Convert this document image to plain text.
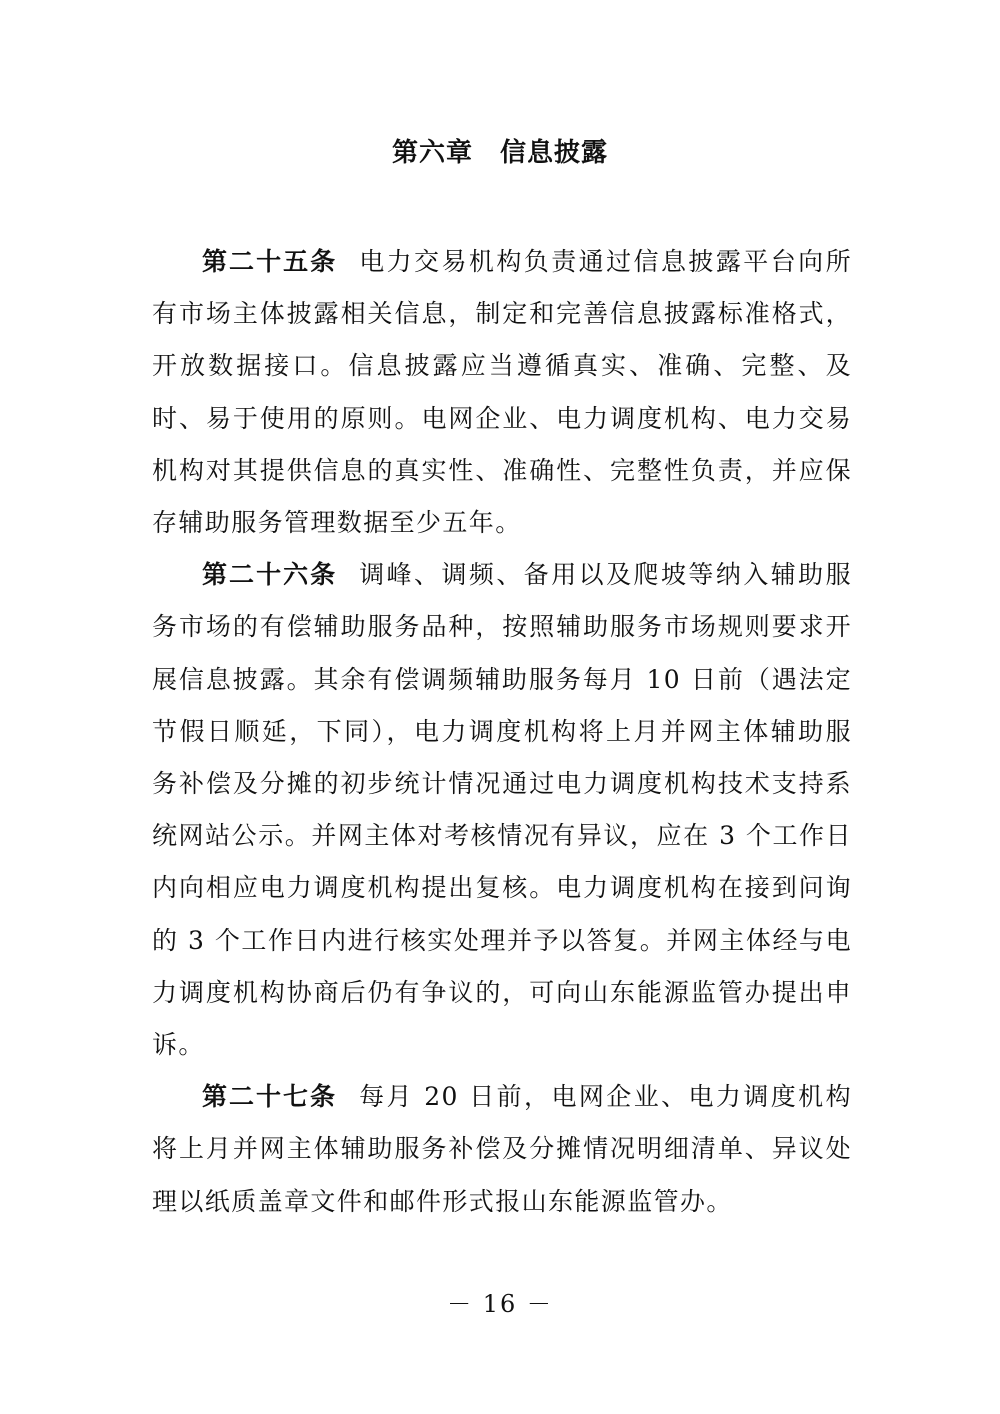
第六章　信息披露

第二十五条 电力交易机构负责通过信息披露平台向所有市场主体披露相关信息，制定和完善信息披露标准格式，开放数据接口。信息披露应当遵循真实、准确、完整、及时、易于使用的原则。电网企业、电力调度机构、电力交易机构对其提供信息的真实性、准确性、完整性负责，并应保存辅助服务管理数据至少五年。

第二十六条 调峰、调频、备用以及爬坡等纳入辅助服务市场的有偿辅助服务品种，按照辅助服务市场规则要求开展信息披露。其余有偿调频辅助服务每月 10 日前（遇法定节假日顺延，下同），电力调度机构将上月并网主体辅助服务补偿及分摊的初步统计情况通过电力调度机构技术支持系统网站公示。并网主体对考核情况有异议，应在 3 个工作日内向相应电力调度机构提出复核。电力调度机构在接到问询的 3 个工作日内进行核实处理并予以答复。并网主体经与电力调度机构协商后仍有争议的，可向山东能源监管办提出申诉。

第二十七条 每月 20 日前，电网企业、电力调度机构将上月并网主体辅助服务补偿及分摊情况明细清单、异议处理以纸质盖章文件和邮件形式报山东能源监管办。

－ 16 －
